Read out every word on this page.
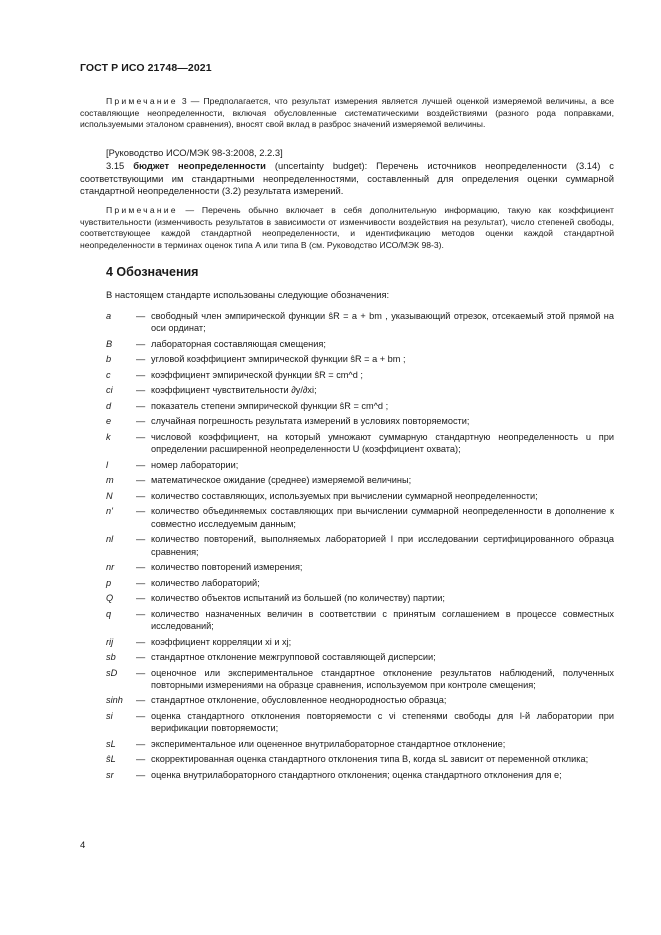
ГОСТ Р ИСО 21748—2021
Примечание 3 — Предполагается, что результат измерения является лучшей оценкой измеряемой величины, а все составляющие неопределенности, включая обусловленные систематическими воздействиями (разного рода поправками, используемыми эталоном сравнения), вносят свой вклад в разброс значений измеряемой величины.
[Руководство ИСО/МЭК 98-3:2008, 2.2.3]
3.15 бюджет неопределенности (uncertainty budget): Перечень источников неопределенности (3.14) с соответствующими им стандартными неопределенностями, составленный для определения оценки суммарной стандартной неопределенности (3.2) результата измерений.
Примечание — Перечень обычно включает в себя дополнительную информацию, такую как коэффициент чувствительности (изменчивость результатов в зависимости от изменчивости воздействия на результат), число степеней свободы, соответствующее каждой стандартной неопределенности, и идентификацию методов оценки каждой стандартной неопределенности в терминах оценок типа А или типа В (см. Руководство ИСО/МЭК 98-3).
4 Обозначения
В настоящем стандарте использованы следующие обозначения:
a	— свободный член эмпирической функции ŝR = a + bm , указывающий отрезок, отсекаемый этой прямой на оси ординат;
B	— лабораторная составляющая смещения;
b	— угловой коэффициент эмпирической функции ŝR = a + bm ;
c	— коэффициент эмпирической функции ŝR = cm^d ;
ci	— коэффициент чувствительности ∂y/∂xi;
d	— показатель степени эмпирической функции ŝR = cm^d ;
e	— случайная погрешность результата измерений в условиях повторяемости;
k	— числовой коэффициент, на который умножают суммарную стандартную неопределенность u при определении расширенной неопределенности U (коэффициент охвата);
l	— номер лаборатории;
m	— математическое ожидание (среднее) измеряемой величины;
N	— количество составляющих, используемых при вычислении суммарной неопределенности;
n'	— количество объединяемых составляющих при вычислении суммарной неопределенности в дополнение к совместно исследуемым данным;
nl	— количество повторений, выполняемых лабораторией l при исследовании сертифицированного образца сравнения;
nr	— количество повторений измерения;
p	— количество лабораторий;
Q	— количество объектов испытаний из большей (по количеству) партии;
q	— количество назначенных величин в соответствии с принятым соглашением в процессе совместных исследований;
rij	— коэффициент корреляции xi и xj;
sb	— стандартное отклонение межгрупповой составляющей дисперсии;
sD	— оценочное или экспериментальное стандартное отклонение результатов наблюдений, полученных повторными измерениями на образце сравнения, используемом при контроле смещения;
sinh	— стандартное отклонение, обусловленное неоднородностью образца;
si	— оценка стандартного отклонения повторяемости с νi степенями свободы для l-й лаборатории при верификации повторяемости;
sL	— экспериментальное или оцененное внутрилабораторное стандартное отклонение;
ŝL	— скорректированная оценка стандартного отклонения типа B, когда sL зависит от переменной отклика;
sr	— оценка внутрилабораторного стандартного отклонения; оценка стандартного отклонения для e;
4
